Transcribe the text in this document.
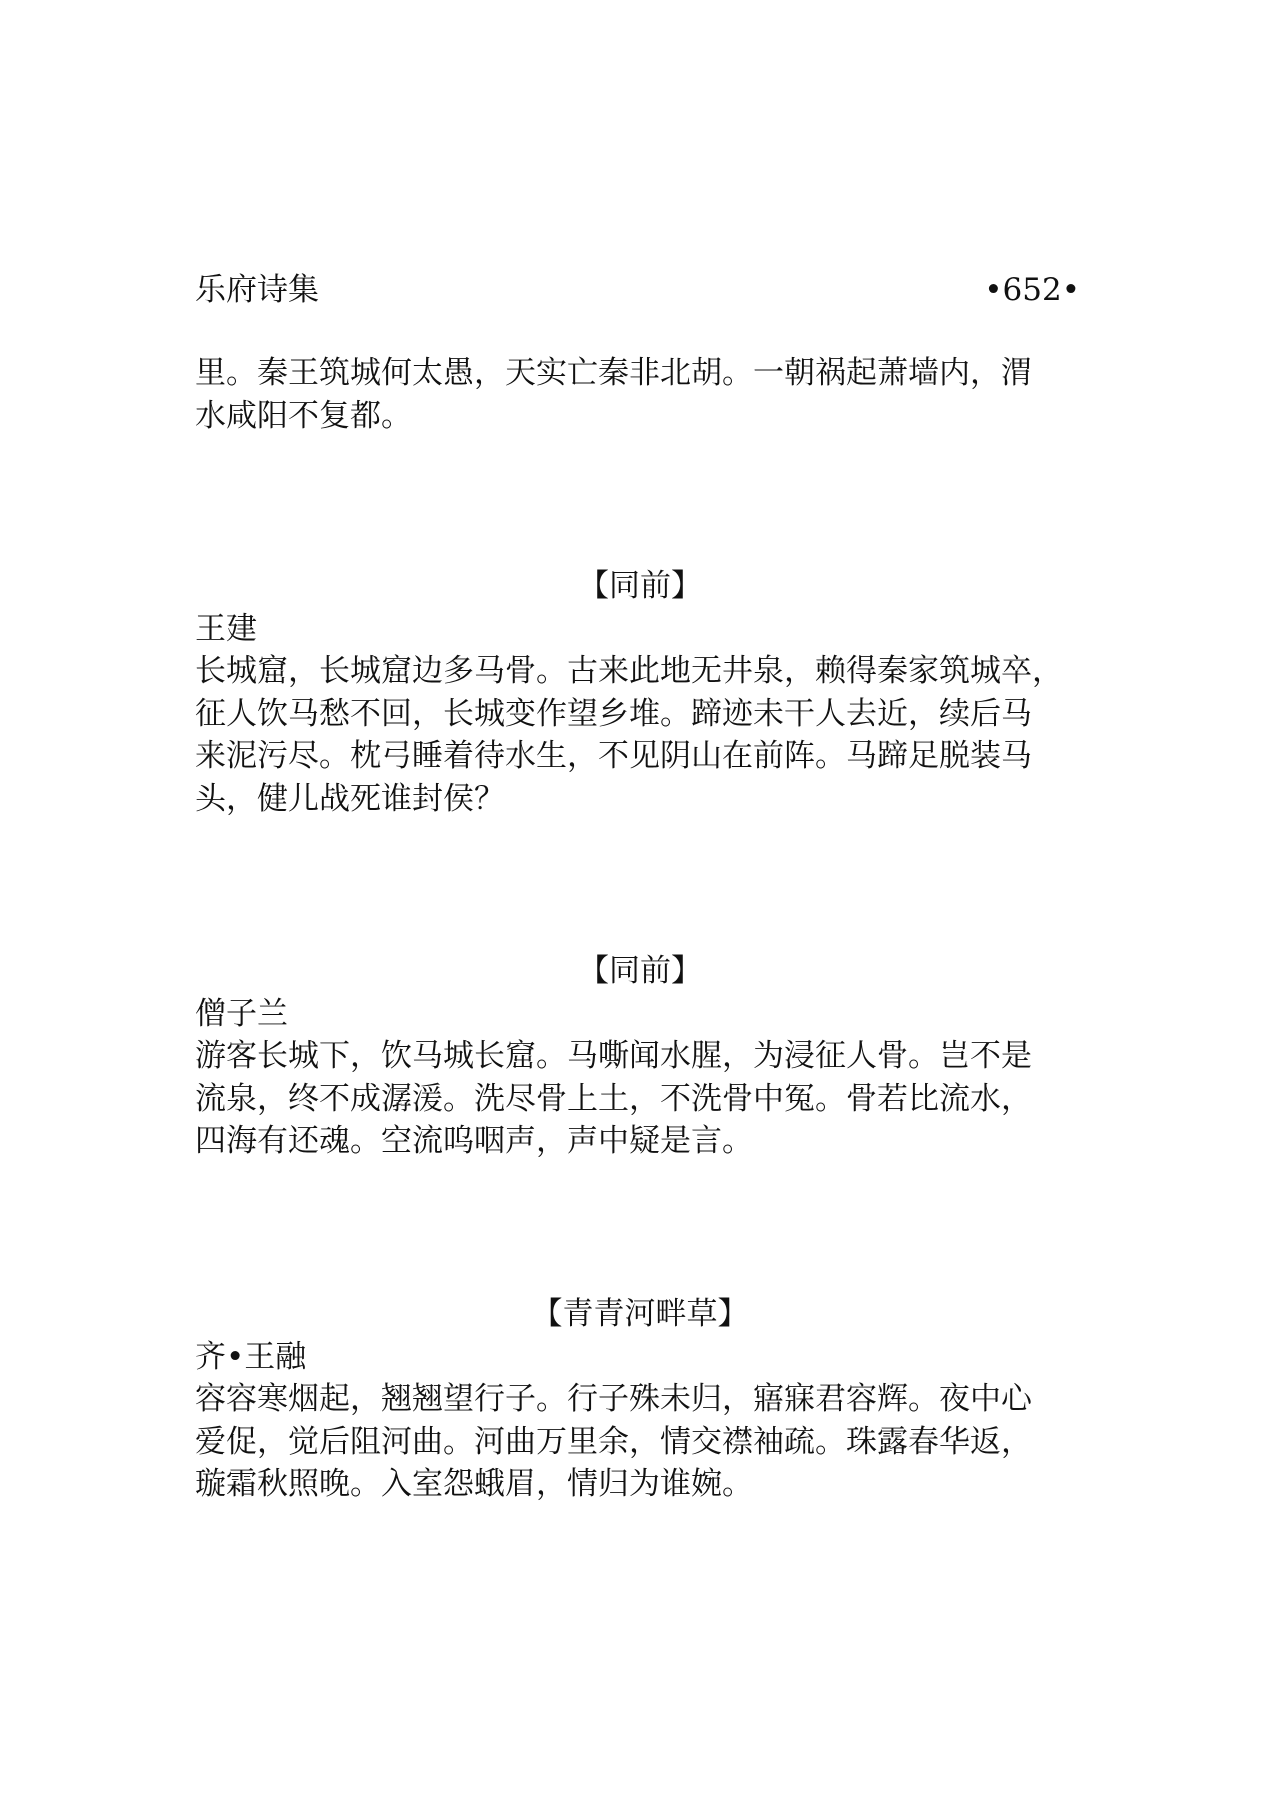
乐府诗集	•652•

里。秦王筑城何太愚，天实亡秦非北胡。一朝祸起萧墙内，渭

水咸阳不复都。

【同前】

王建

长城窟，长城窟边多马骨。古来此地无井泉，赖得秦家筑城卒，

征人饮马愁不回，长城变作望乡堆。蹄迹未干人去近，续后马

来泥污尽。枕弓睡着待水生，不见阴山在前阵。马蹄足脱装马

头，健儿战死谁封侯？

【同前】

僧子兰

游客长城下，饮马城长窟。马嘶闻水腥，为浸征人骨。岂不是

流泉，终不成潺湲。洗尽骨上土，不洗骨中冤。骨若比流水，

四海有还魂。空流呜咽声，声中疑是言。

【青青河畔草】

齐•王融

容容寒烟起，翘翘望行子。行子殊未归，寤寐君容辉。夜中心

爱促，觉后阻河曲。河曲万里余，情交襟袖疏。珠露春华返，

璇霜秋照晚。入室怨蛾眉，情归为谁婉。
